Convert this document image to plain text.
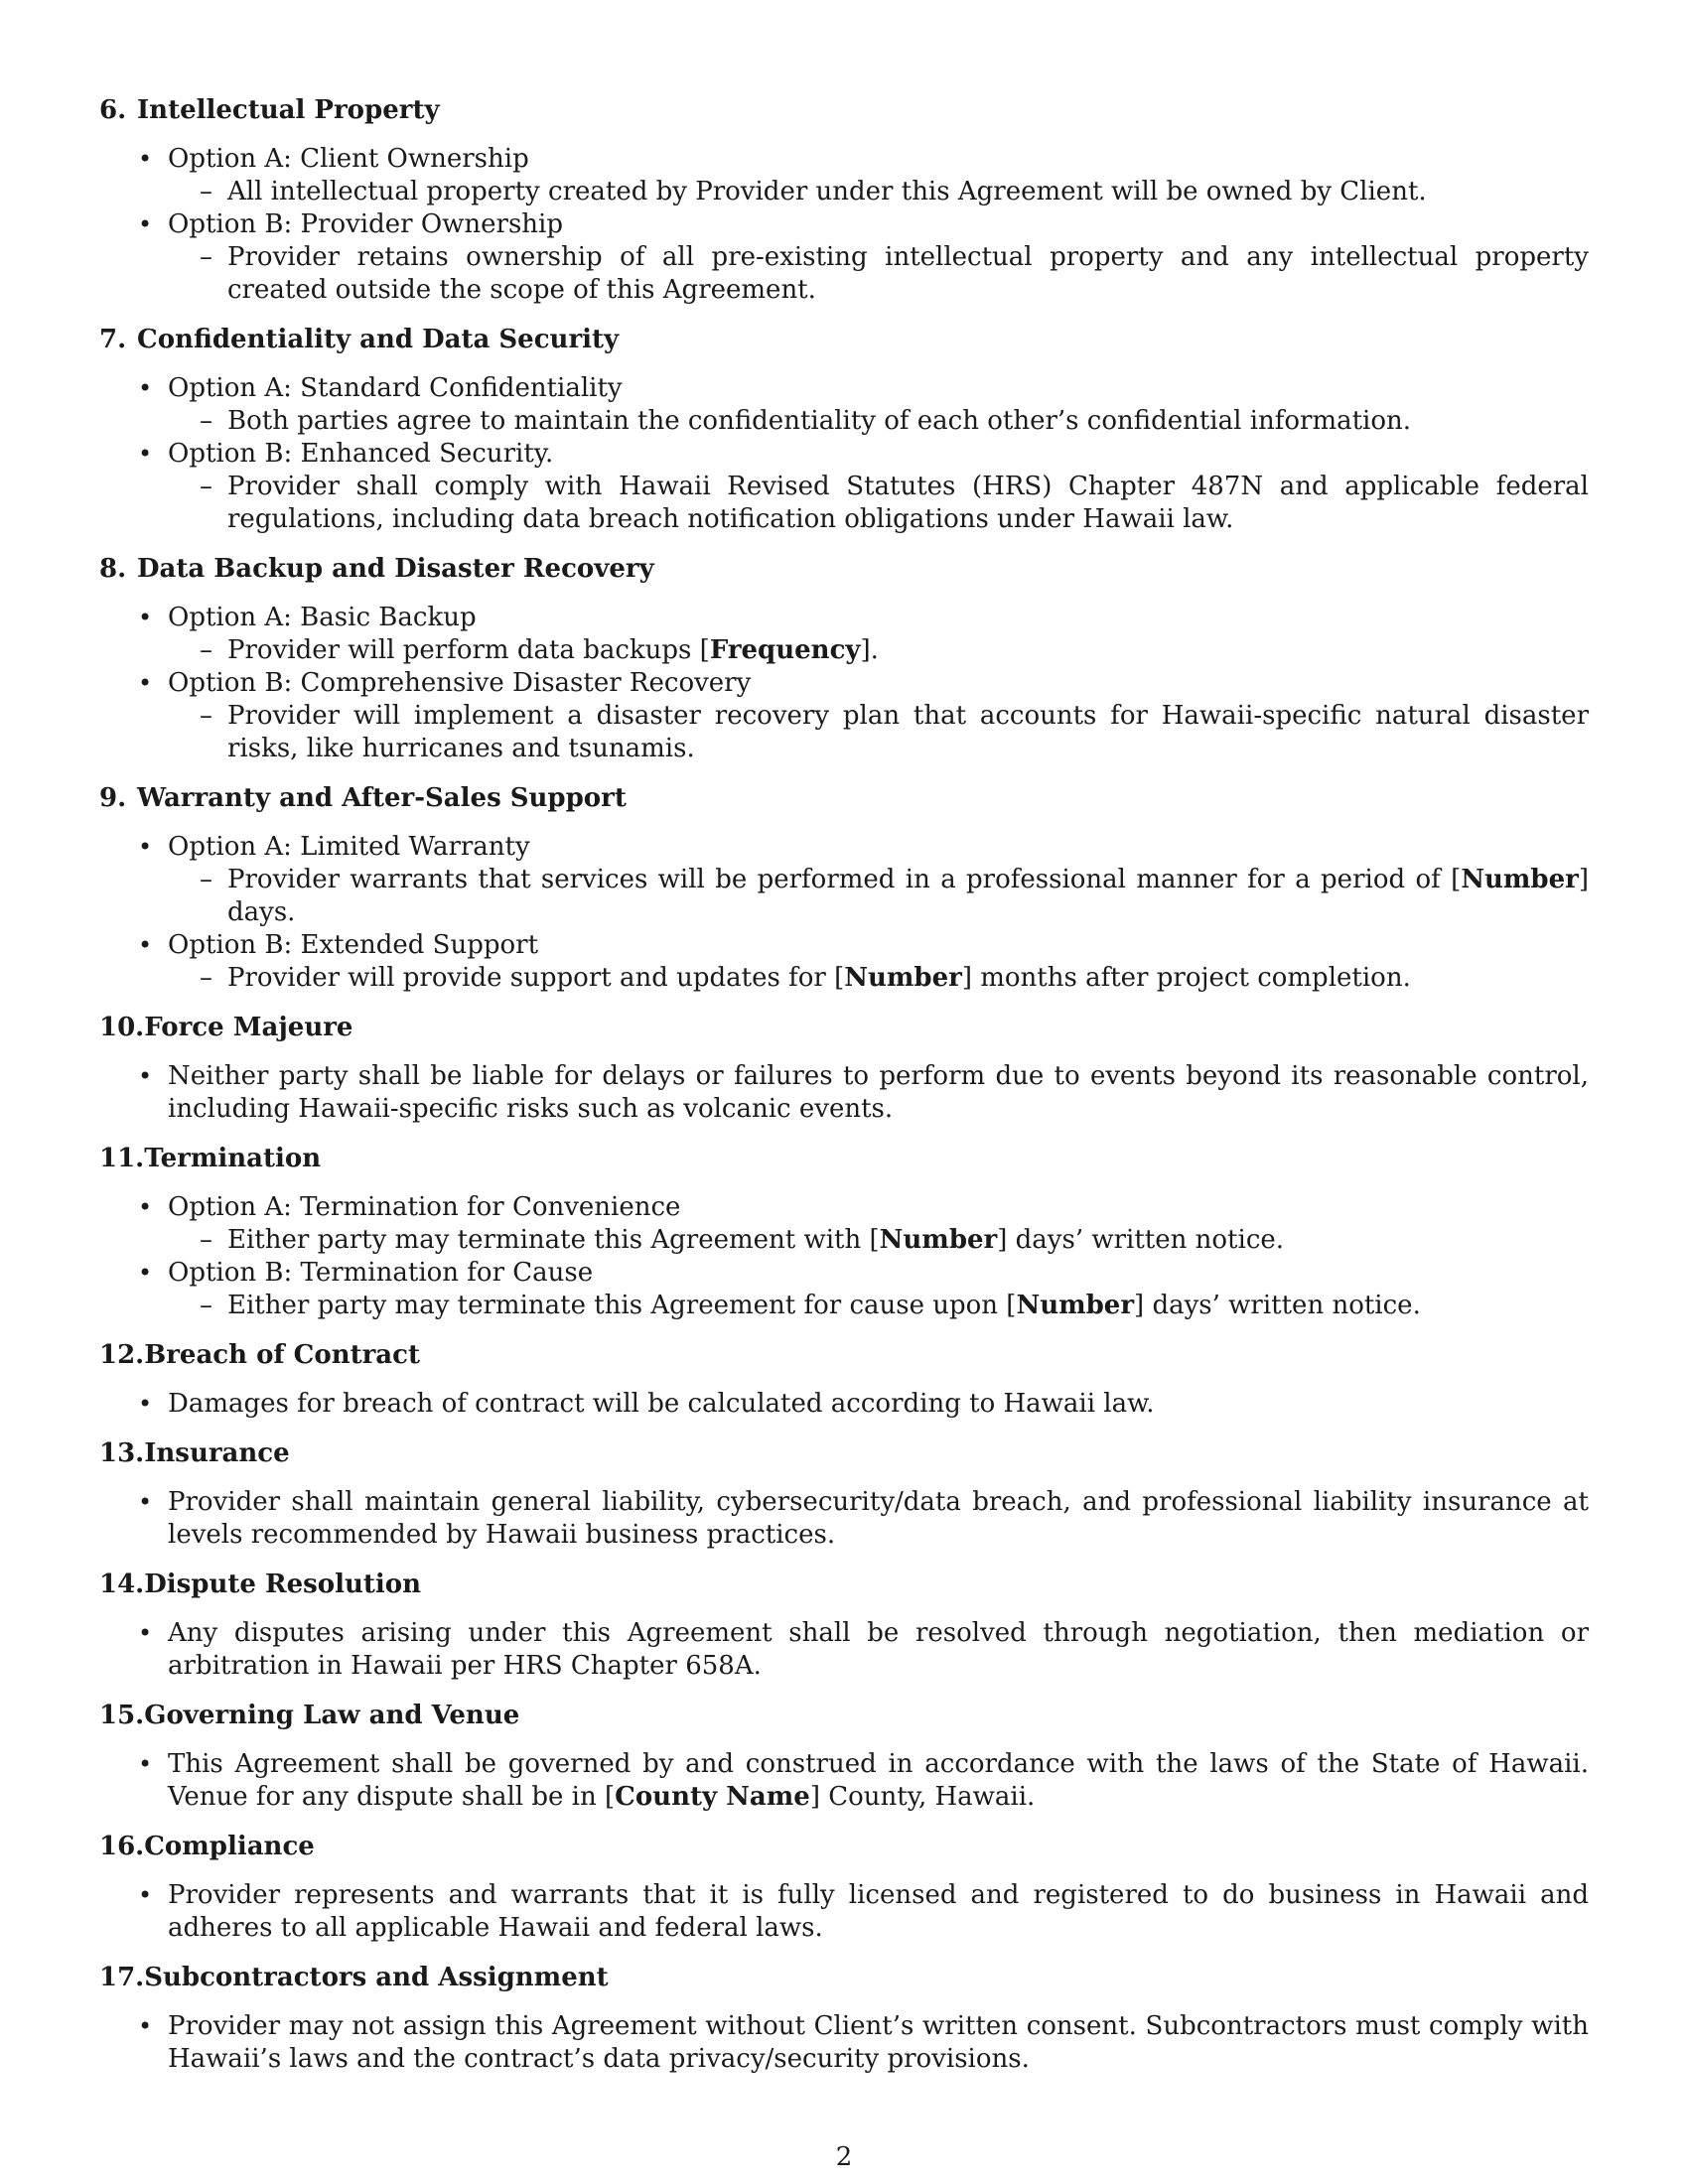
6. Intellectual Property
• Option A: Client Ownership
– All intellectual property created by Provider under this Agreement will be owned by Client.
• Option B: Provider Ownership
– Provider retains ownership of all pre-existing intellectual property and any intellectual property created outside the scope of this Agreement.
7. Confidentiality and Data Security
• Option A: Standard Confidentiality
– Both parties agree to maintain the confidentiality of each other’s confidential information.
• Option B: Enhanced Security.
– Provider shall comply with Hawaii Revised Statutes (HRS) Chapter 487N and applicable federal regulations, including data breach notification obligations under Hawaii law.
8. Data Backup and Disaster Recovery
• Option A: Basic Backup
– Provider will perform data backups [Frequency].
• Option B: Comprehensive Disaster Recovery
– Provider will implement a disaster recovery plan that accounts for Hawaii-specific natural disaster risks, like hurricanes and tsunamis.
9. Warranty and After-Sales Support
• Option A: Limited Warranty
– Provider warrants that services will be performed in a professional manner for a period of [Number] days.
• Option B: Extended Support
– Provider will provide support and updates for [Number] months after project completion.
10.Force Majeure
• Neither party shall be liable for delays or failures to perform due to events beyond its reasonable control, including Hawaii-specific risks such as volcanic events.
11.Termination
• Option A: Termination for Convenience
– Either party may terminate this Agreement with [Number] days’ written notice.
• Option B: Termination for Cause
– Either party may terminate this Agreement for cause upon [Number] days’ written notice.
12.Breach of Contract
• Damages for breach of contract will be calculated according to Hawaii law.
13.Insurance
• Provider shall maintain general liability, cybersecurity/data breach, and professional liability insurance at levels recommended by Hawaii business practices.
14.Dispute Resolution
• Any disputes arising under this Agreement shall be resolved through negotiation, then mediation or arbitration in Hawaii per HRS Chapter 658A.
15.Governing Law and Venue
• This Agreement shall be governed by and construed in accordance with the laws of the State of Hawaii. Venue for any dispute shall be in [County Name] County, Hawaii.
16.Compliance
• Provider represents and warrants that it is fully licensed and registered to do business in Hawaii and adheres to all applicable Hawaii and federal laws.
17.Subcontractors and Assignment
• Provider may not assign this Agreement without Client’s written consent. Subcontractors must comply with Hawaii’s laws and the contract’s data privacy/security provisions.
2
